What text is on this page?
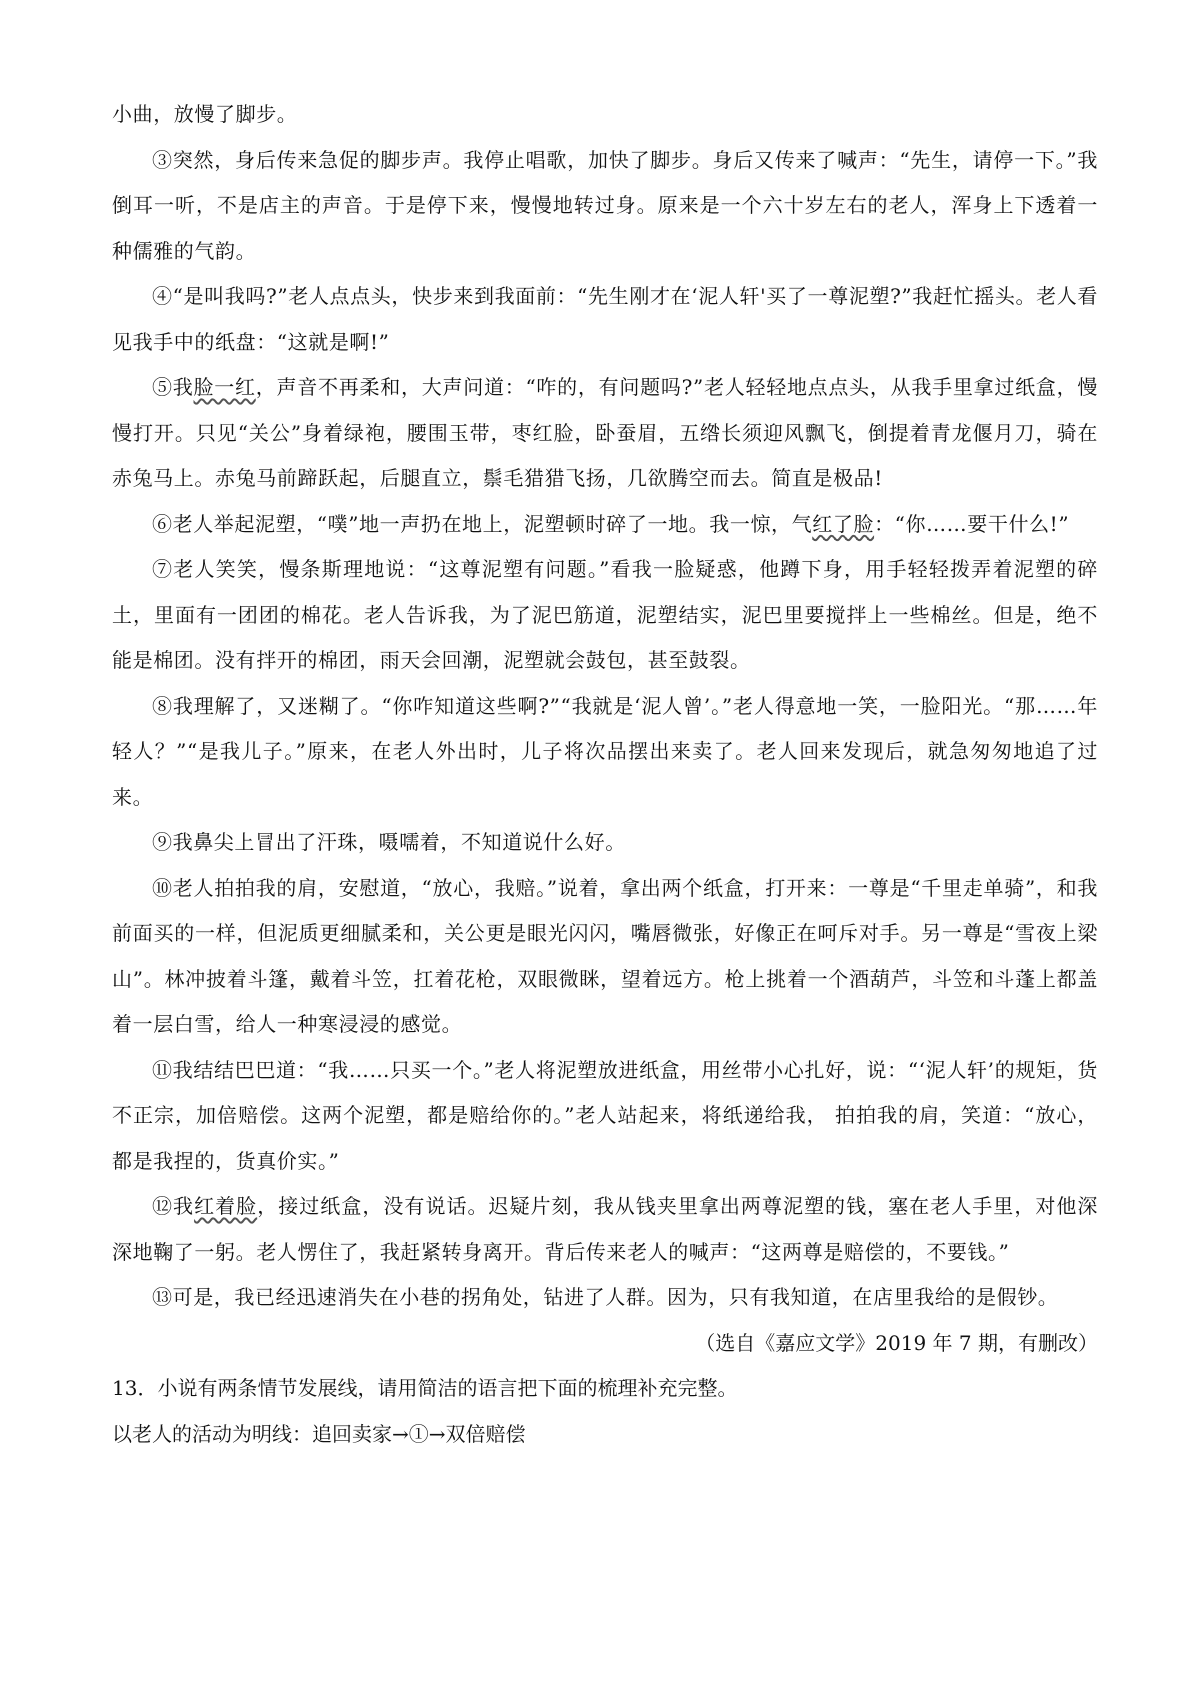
小曲，放慢了脚步。

③突然，身后传来急促的脚步声。我停止唱歌，加快了脚步。身后又传来了喊声：“先生，请停一下。”我倒耳一听，不是店主的声音。于是停下来，慢慢地转过身。原来是一个六十岁左右的老人，浑身上下透着一种儒雅的气韵。

④“是叫我吗?”老人点点头，快步来到我面前：“先生刚才在‘泥人轩'买了一尊泥塑?”我赶忙摇头。老人看见我手中的纸盘：“这就是啊!”

⑤我脸一红，声音不再柔和，大声问道：“咋的，有问题吗?”老人轻轻地点点头，从我手里拿过纸盒，慢慢打开。只见“关公”身着绿袍，腰围玉带，枣红脸，卧蚕眉，五绺长须迎风飘飞，倒提着青龙偃月刀，骑在赤兔马上。赤兔马前蹄跃起，后腿直立，鬃毛猎猎飞扬，几欲腾空而去。简直是极品!

⑥老人举起泥塑，“噗”地一声扔在地上，泥塑顿时碎了一地。我一惊，气红了脸：“你……要干什么!”

⑦老人笑笑，慢条斯理地说：“这尊泥塑有问题。”看我一脸疑惑，他蹲下身，用手轻轻拨弄着泥塑的碎土，里面有一团团的棉花。老人告诉我，为了泥巴筋道，泥塑结实，泥巴里要搅拌上一些棉丝。但是，绝不能是棉团。没有拌开的棉团，雨天会回潮，泥塑就会鼓包，甚至鼓裂。

⑧我理解了，又迷糊了。“你咋知道这些啊?”“我就是‘泥人曾’。”老人得意地一笑，一脸阳光。“那……年轻人？”“是我儿子。”原来，在老人外出时，儿子将次品摆出来卖了。老人回来发现后，就急匆匆地追了过来。

⑨我鼻尖上冒出了汗珠，嗫嚅着，不知道说什么好。

⑩老人拍拍我的肩，安慰道，“放心，我赔。”说着，拿出两个纸盒，打开来：一尊是“千里走单骑”，和我前面买的一样，但泥质更细腻柔和，关公更是眼光闪闪，嘴唇微张，好像正在呵斥对手。另一尊是“雪夜上梁山”。林冲披着斗篷，戴着斗笠，扛着花枪，双眼微眯，望着远方。枪上挑着一个酒葫芦，斗笠和斗蓬上都盖着一层白雪，给人一种寒浸浸的感觉。

⑪我结结巴巴道：“我……只买一个。”老人将泥塑放进纸盒，用丝带小心扎好，说：“‘泥人轩’的规矩，货不正宗，加倍赔偿。这两个泥塑，都是赔给你的。”老人站起来，将纸递给我， 拍拍我的肩，笑道：“放心，都是我捏的，货真价实。”

⑫我红着脸，接过纸盒，没有说话。迟疑片刻，我从钱夹里拿出两尊泥塑的钱，塞在老人手里，对他深深地鞠了一躬。老人愣住了，我赶紧转身离开。背后传来老人的喊声：“这两尊是赔偿的，不要钱。”

⑬可是，我已经迅速消失在小巷的拐角处，钻进了人群。因为，只有我知道，在店里我给的是假钞。

（选自《嘉应文学》2019 年 7 期，有删改）

13．小说有两条情节发展线，请用简洁的语言把下面的梳理补充完整。

以老人的活动为明线：追回卖家→①→双倍赔偿
